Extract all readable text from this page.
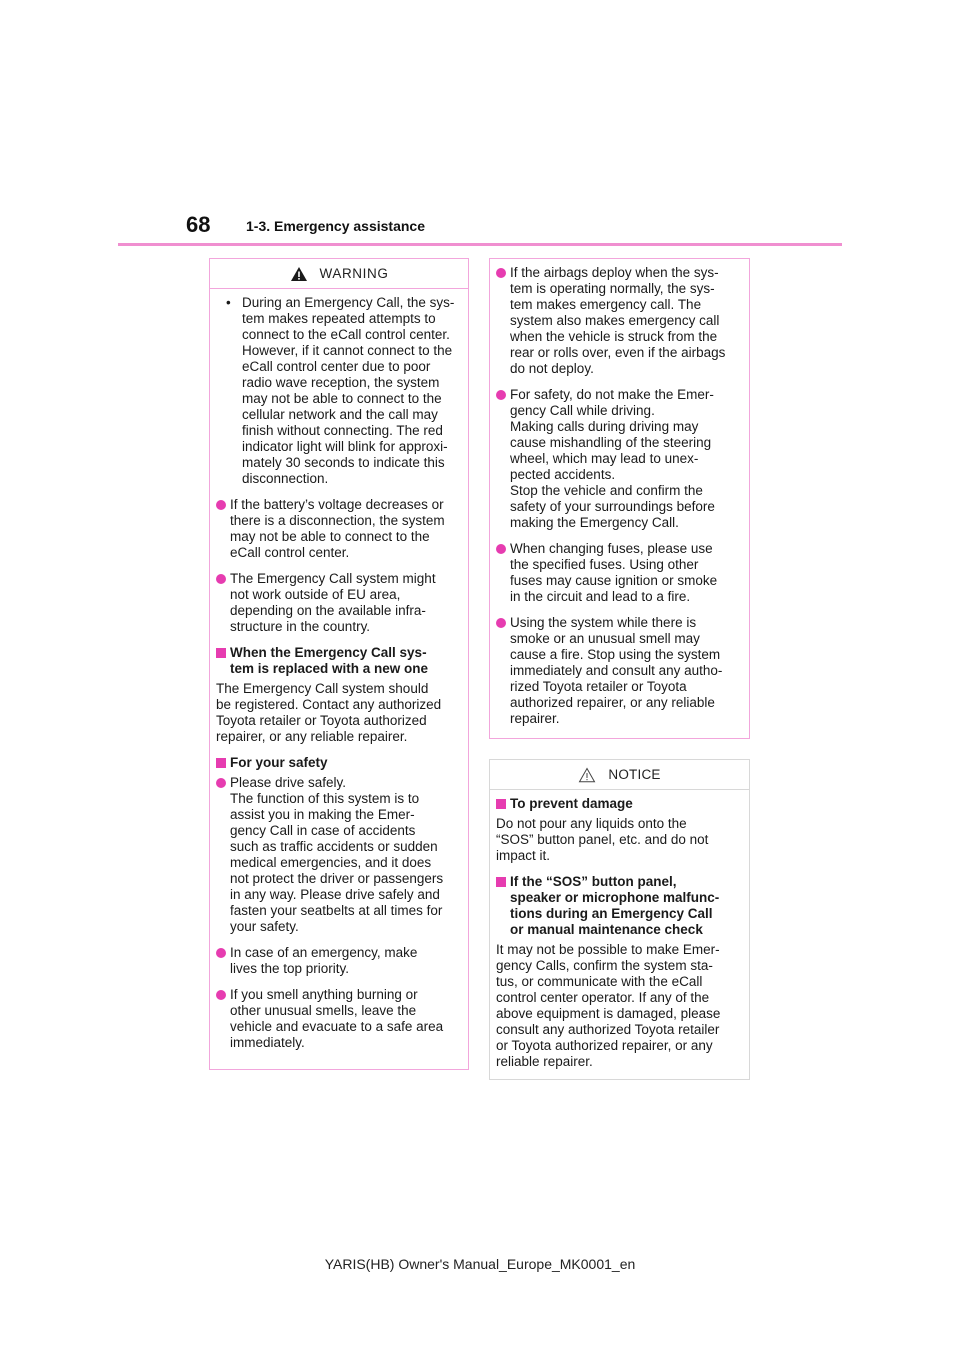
68	1-3. Emergency assistance
WARNING
• During an Emergency Call, the sys-
tem makes repeated attempts to
connect to the eCall control center.
However, if it cannot connect to the
eCall control center due to poor
radio wave reception, the system
may not be able to connect to the
cellular network and the call may
finish without connecting. The red
indicator light will blink for approxi-
mately 30 seconds to indicate this
disconnection.
If the battery’s voltage decreases or
there is a disconnection, the system
may not be able to connect to the
eCall control center.
The Emergency Call system might
not work outside of EU area,
depending on the available infra-
structure in the country.
When the Emergency Call sys-
tem is replaced with a new one
The Emergency Call system should
be registered. Contact any authorized
Toyota retailer or Toyota authorized
repairer, or any reliable repairer.
For your safety
Please drive safely.
The function of this system is to
assist you in making the Emer-
gency Call in case of accidents
such as traffic accidents or sudden
medical emergencies, and it does
not protect the driver or passengers
in any way. Please drive safely and
fasten your seatbelts at all times for
your safety.
In case of an emergency, make
lives the top priority.
If you smell anything burning or
other unusual smells, leave the
vehicle and evacuate to a safe area
immediately.
If the airbags deploy when the sys-
tem is operating normally, the sys-
tem makes emergency call. The
system also makes emergency call
when the vehicle is struck from the
rear or rolls over, even if the airbags
do not deploy.
For safety, do not make the Emer-
gency Call while driving.
Making calls during driving may
cause mishandling of the steering
wheel, which may lead to unex-
pected accidents.
Stop the vehicle and confirm the
safety of your surroundings before
making the Emergency Call.
When changing fuses, please use
the specified fuses. Using other
fuses may cause ignition or smoke
in the circuit and lead to a fire.
Using the system while there is
smoke or an unusual smell may
cause a fire. Stop using the system
immediately and consult any autho-
rized Toyota retailer or Toyota
authorized repairer, or any reliable
repairer.
NOTICE
To prevent damage
Do not pour any liquids onto the
“SOS” button panel, etc. and do not
impact it.
If the “SOS” button panel,
speaker or microphone malfunc-
tions during an Emergency Call
or manual maintenance check
It may not be possible to make Emer-
gency Calls, confirm the system sta-
tus, or communicate with the eCall
control center operator. If any of the
above equipment is damaged, please
consult any authorized Toyota retailer
or Toyota authorized repairer, or any
reliable repairer.
YARIS(HB) Owner's Manual_Europe_MK0001_en
